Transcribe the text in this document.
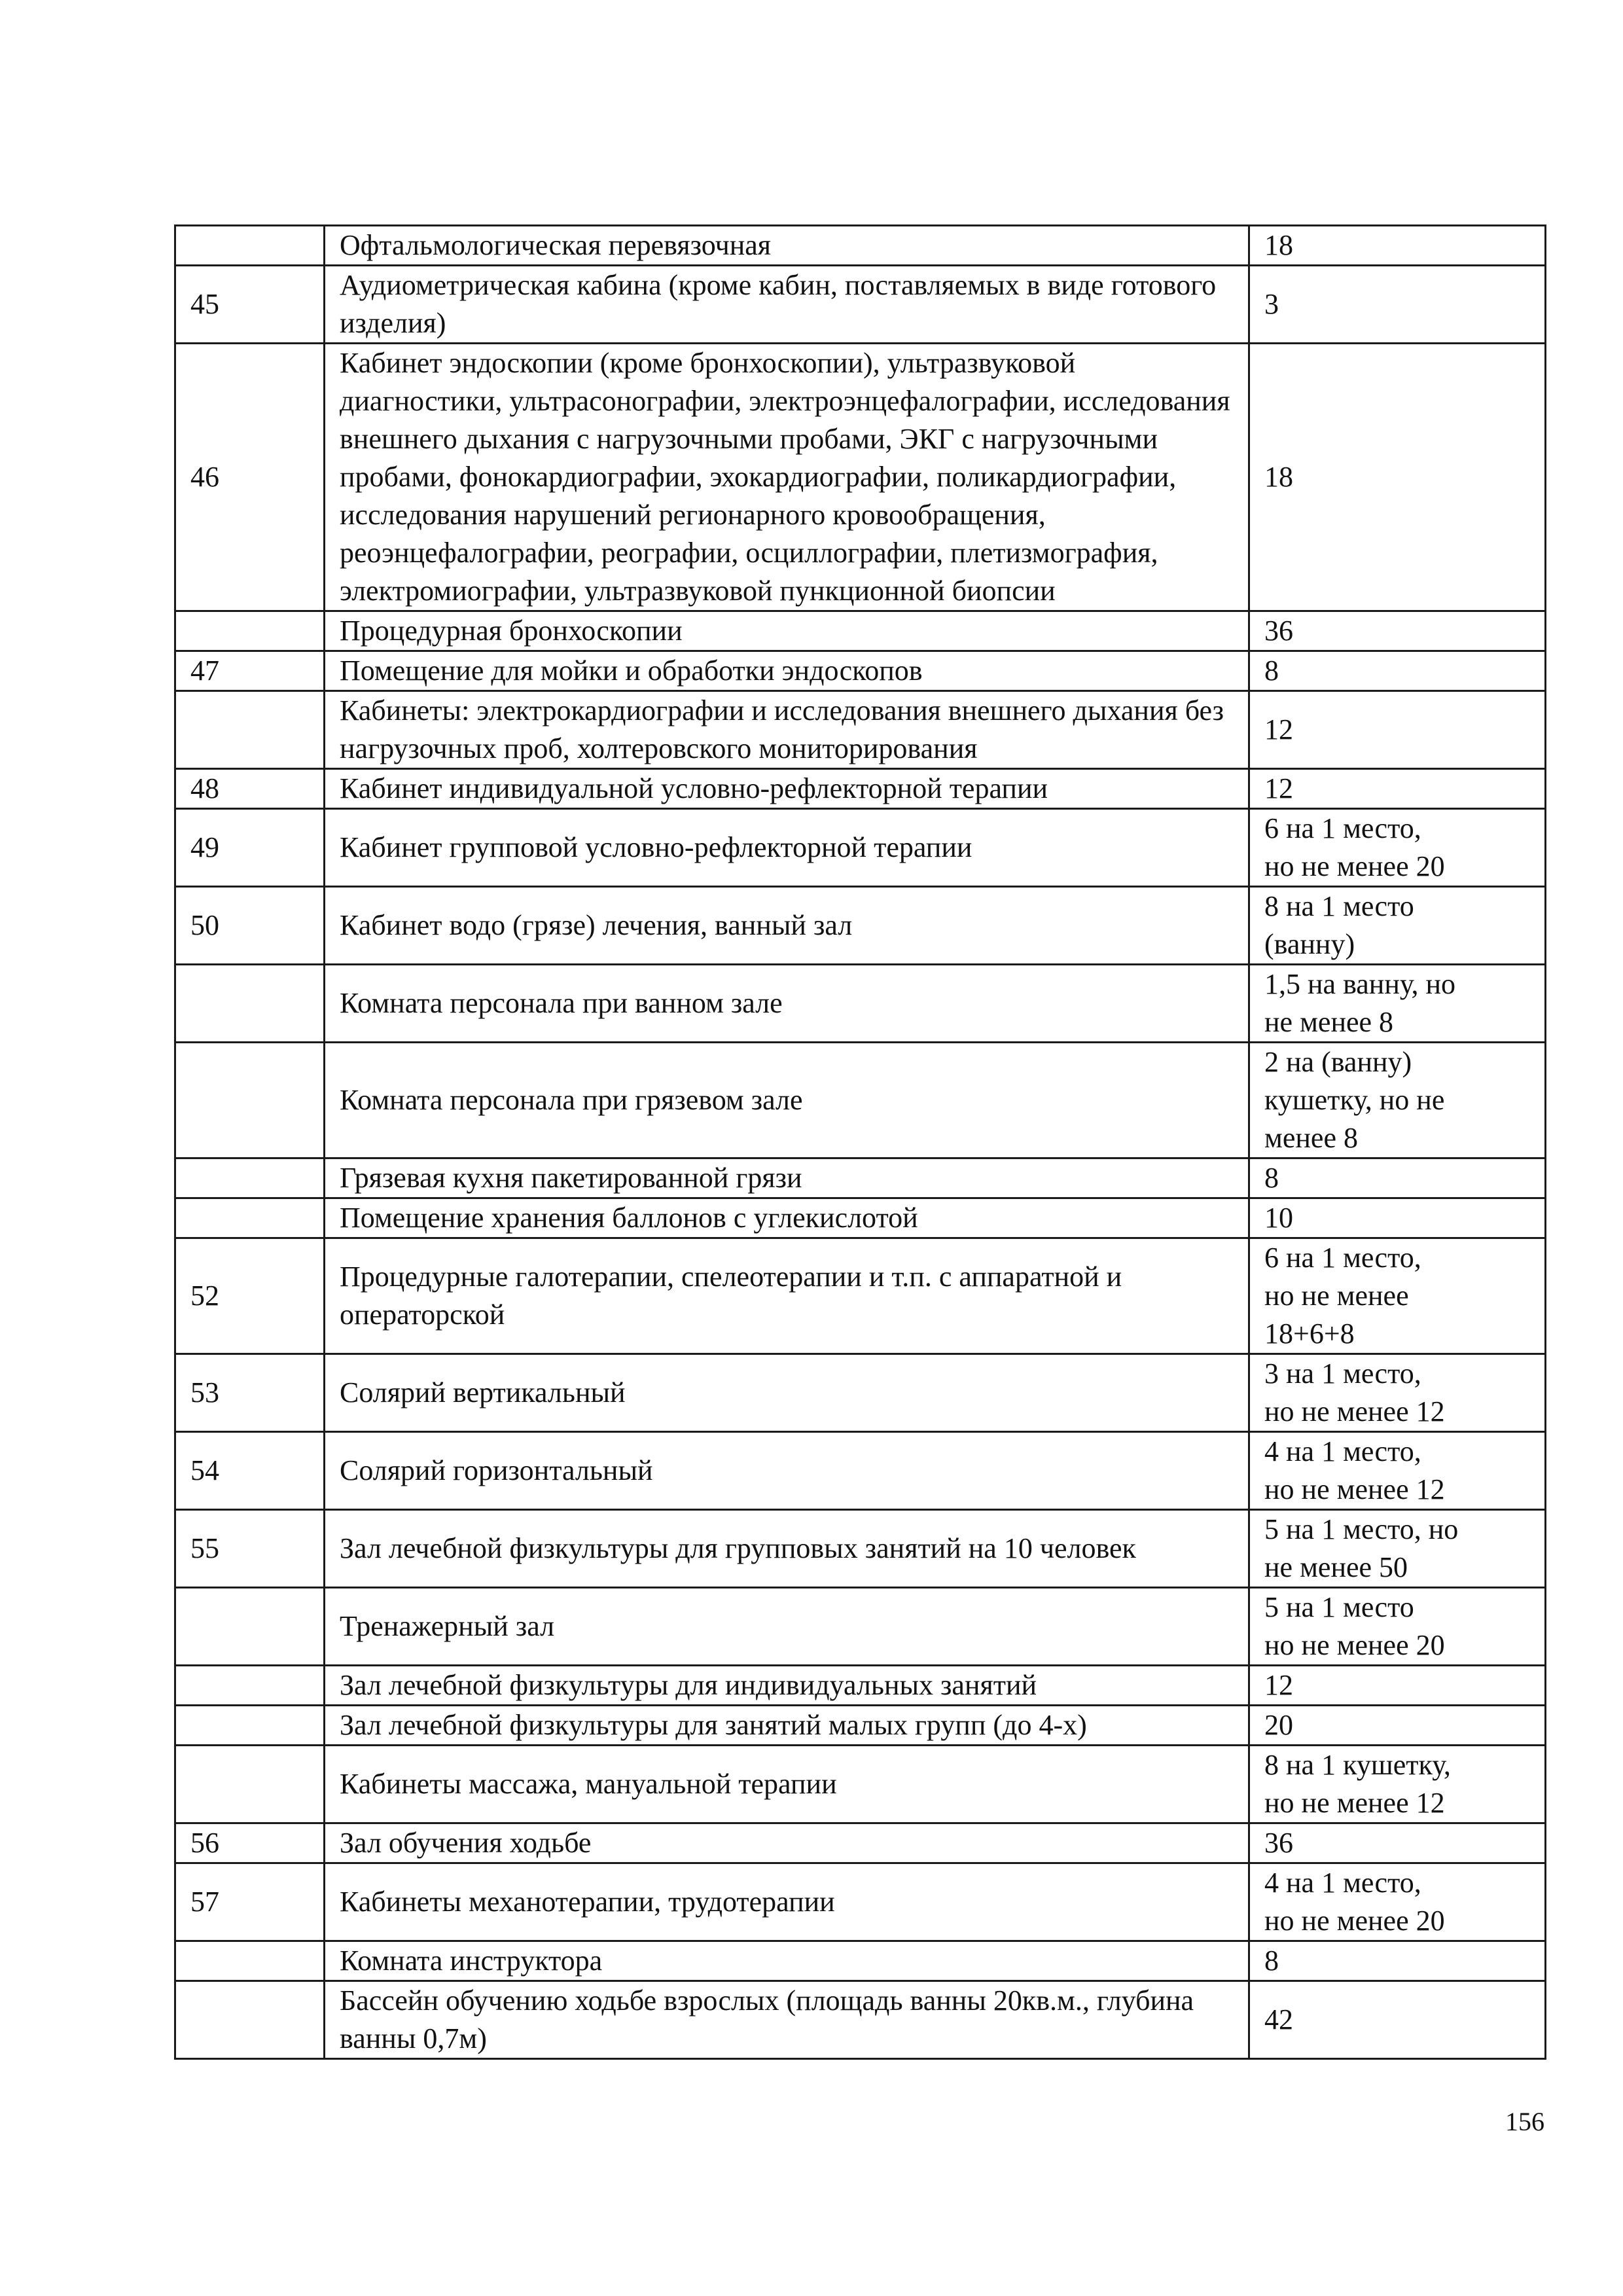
	Офтальмологическая перевязочная	18
45	Аудиометрическая кабина (кроме кабин, поставляемых в виде готового изделия)	3
46	Кабинет эндоскопии (кроме бронхоскопии), ультразвуковой диагностики, ультрасонографии, электроэнцефалографии, исследования внешнего дыхания с нагрузочными пробами, ЭКГ с нагрузочными пробами, фонокардиографии, эхокардиографии, поликардиографии, исследования нарушений регионарного кровообращения, реоэнцефалографии, реографии, осциллографии, плетизмография, электромиографии, ультразвуковой пункционной биопсии	18
	Процедурная бронхоскопии	36
47	Помещение для мойки и обработки эндоскопов	8
	Кабинеты: электрокардиографии и исследования внешнего дыхания без нагрузочных проб, холтеровского мониторирования	12
48	Кабинет индивидуальной условно-рефлекторной терапии	12
49	Кабинет групповой условно-рефлекторной терапии	6 на 1 место,
но не менее 20
50	Кабинет водо (грязе) лечения, ванный зал	8 на 1 место
(ванну)
	Комната персонала при ванном зале	1,5 на ванну, но
не менее 8
	Комната персонала при грязевом зале	2 на (ванну)
кушетку, но не
менее 8
	Грязевая кухня пакетированной грязи	8
	Помещение хранения баллонов с углекислотой	10
52	Процедурные галотерапии, спелеотерапии и т.п. с аппаратной и операторской	6 на 1 место,
но не менее
18+6+8
53	Солярий вертикальный	3 на 1 место,
но не менее 12
54	Солярий горизонтальный	4 на 1 место,
но не менее 12
55	Зал лечебной физкультуры для групповых занятий на 10 человек	5 на 1 место, но
не менее 50
	Тренажерный зал	5 на 1 место
но не менее 20
	Зал лечебной физкультуры для индивидуальных занятий	12
	Зал лечебной физкультуры для занятий малых групп (до 4-х)	20
	Кабинеты массажа, мануальной терапии	8 на 1 кушетку,
но не менее 12
56	Зал обучения ходьбе	36
57	Кабинеты механотерапии, трудотерапии	4 на 1 место,
но не менее 20
	Комната инструктора	8
	Бассейн обучению ходьбе взрослых (площадь ванны 20кв.м., глубина ванны 0,7м)	42
156
